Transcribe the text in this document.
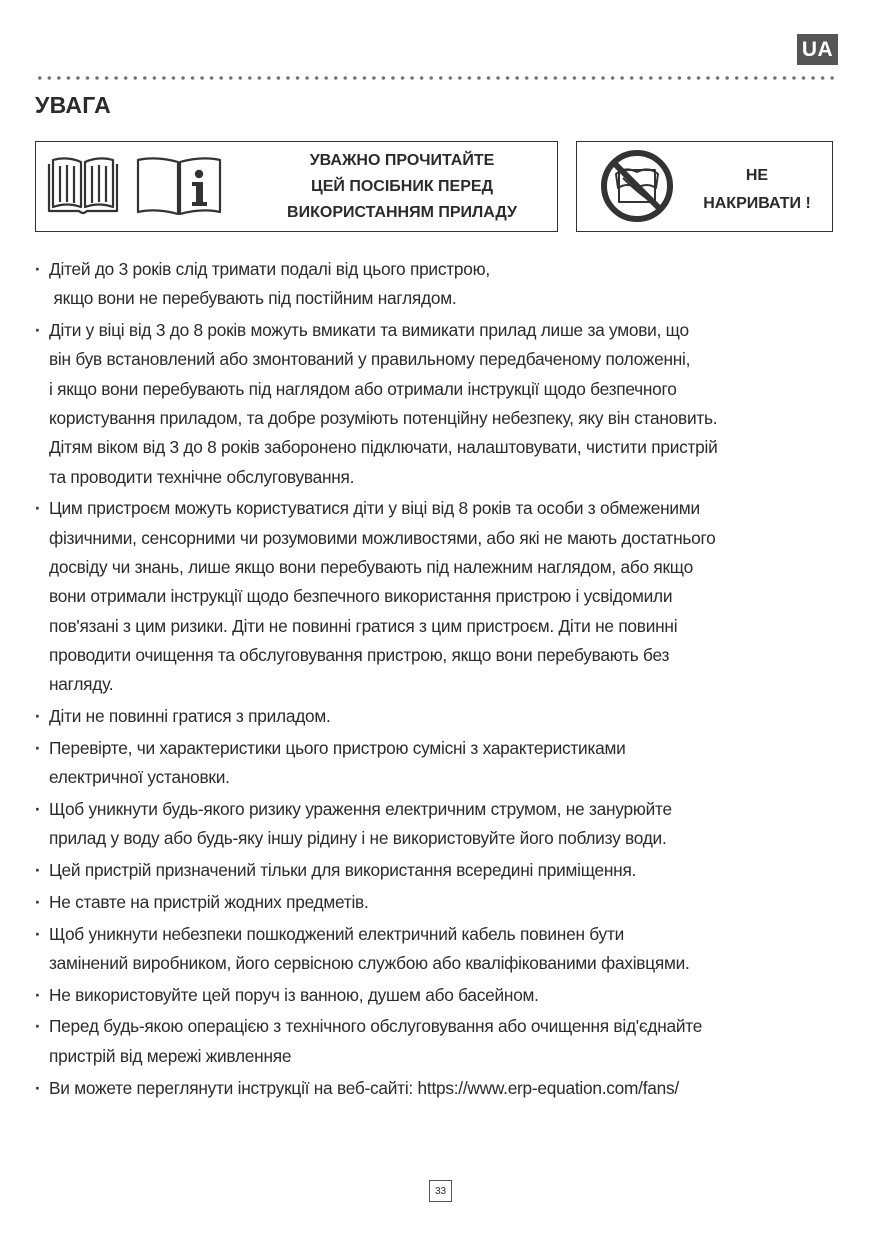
UA
УВАГА
УВАЖНО ПРОЧИТАЙТЕ
ЦЕЙ ПОСІБНИК ПЕРЕД
ВИКОРИСТАННЯМ ПРИЛАДУ
НЕ
НАКРИВАТИ !
· Дітей до 3 років слід тримати подалі від цього пристрою,
якщо вони не перебувають під постійним наглядом.
· Діти у віці від 3 до 8 років можуть вмикати та вимикати прилад лише за умови, що
він був встановлений або змонтований у правильному передбаченому положенні,
і якщо вони перебувають під наглядом або отримали інструкції щодо безпечного
користування приладом, та добре розуміють потенційну небезпеку, яку він становить.
Дітям віком від 3 до 8 років заборонено підключати, налаштовувати, чистити пристрій
та проводити технічне обслуговування.
· Цим пристроєм можуть користуватися діти у віці від 8 років та особи з обмеженими
фізичними, сенсорними чи розумовими можливостями, або які не мають достатнього
досвіду чи знань, лише якщо вони перебувають під належним наглядом, або якщо
вони отримали інструкції щодо безпечного використання пристрою і усвідомили
пов'язані з цим ризики. Діти не повинні гратися з цим пристроєм. Діти не повинні
проводити очищення та обслуговування пристрою, якщо вони перебувають без
нагляду.
· Діти не повинні гратися з приладом.
· Перевірте, чи характеристики цього пристрою сумісні з характеристиками
електричної установки.
· Щоб уникнути будь-якого ризику ураження електричним струмом, не занурюйте
прилад у воду або будь-яку іншу рідину і не використовуйте його поблизу води.
· Цей пристрій призначений тільки для використання всередині приміщення.
· Не ставте на пристрій жодних предметів.
· Щоб уникнути небезпеки пошкоджений електричний кабель повинен бути
замінений виробником, його сервісною службою або кваліфікованими фахівцями.
· Не використовуйте цей поруч із ванною, душем або басейном.
· Перед будь-якою операцією з технічного обслуговування або очищення від'єднайте
пристрій від мережі живленняе
· Ви можете переглянути інструкції на веб-сайті: https://www.erp-equation.com/fans/
33
